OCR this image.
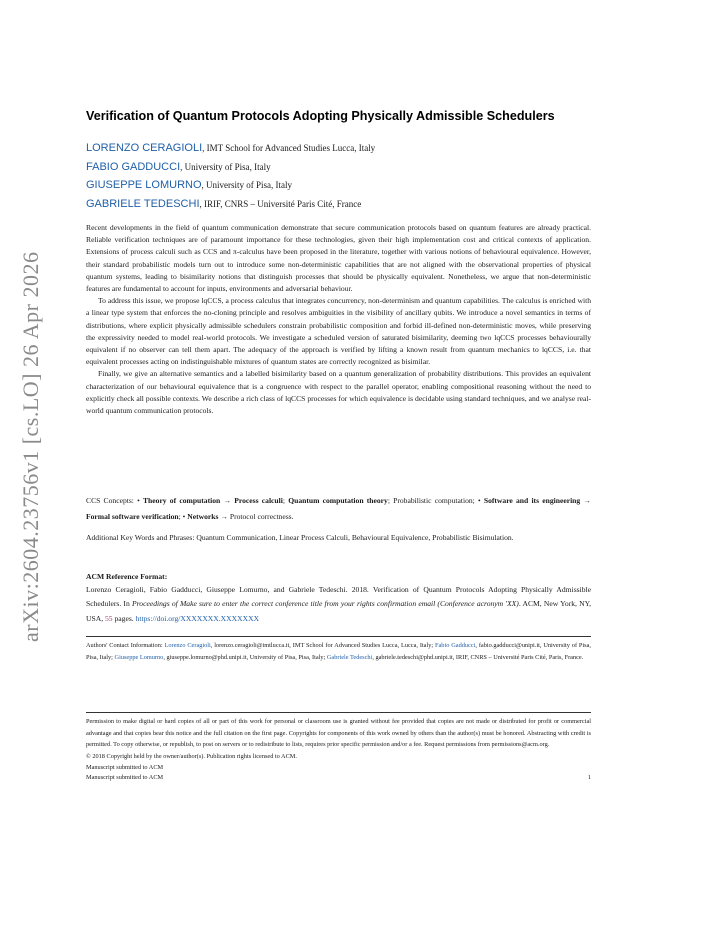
arXiv:2604.23756v1 [cs.LO] 26 Apr 2026
Verification of Quantum Protocols Adopting Physically Admissible Schedulers
LORENZO CERAGIOLI, IMT School for Advanced Studies Lucca, Italy
FABIO GADDUCCI, University of Pisa, Italy
GIUSEPPE LOMURNO, University of Pisa, Italy
GABRIELE TEDESCHI, IRIF, CNRS – Université Paris Cité, France

Recent developments in the field of quantum communication demonstrate that secure communication protocols based on quantum features are already practical. Reliable verification techniques are of paramount importance for these technologies, given their high implementation cost and critical contexts of application. Extensions of process calculi such as CCS and π-calculus have been proposed in the literature, together with various notions of behavioural equivalence. However, their standard probabilistic models turn out to introduce some non-deterministic capabilities that are not aligned with the observational properties of physical quantum systems, leading to bisimilarity notions that distinguish processes that should be physically equivalent. Nonetheless, we argue that non-deterministic features are fundamental to account for inputs, environments and adversarial behaviour.

To address this issue, we propose lqCCS, a process calculus that integrates concurrency, non-determinism and quantum capabilities. The calculus is enriched with a linear type system that enforces the no-cloning principle and resolves ambiguities in the visibility of ancillary qubits. We introduce a novel semantics in terms of distributions, where explicit physically admissible schedulers constrain probabilistic composition and forbid ill-defined non-deterministic moves, while preserving the expressivity needed to model real-world protocols. We investigate a scheduled version of saturated bisimilarity, deeming two lqCCS processes behaviourally equivalent if no observer can tell them apart. The adequacy of the approach is verified by lifting a known result from quantum mechanics to lqCCS, i.e. that equivalent processes acting on indistinguishable mixtures of quantum states are correctly recognized as bisimilar.

Finally, we give an alternative semantics and a labelled bisimilarity based on a quantum generalization of probability distributions. This provides an equivalent characterization of our behavioural equivalence that is a congruence with respect to the parallel operator, enabling compositional reasoning without the need to explicitly check all possible contexts. We describe a rich class of lqCCS processes for which equivalence is decidable using standard techniques, and we analyse real-world quantum communication protocols.

CCS Concepts: • Theory of computation → Process calculi; Quantum computation theory; Probabilistic computation; • Software and its engineering → Formal software verification; • Networks → Protocol correctness.
Additional Key Words and Phrases: Quantum Communication, Linear Process Calculi, Behavioural Equivalence, Probabilistic Bisimulation.
ACM Reference Format:
Lorenzo Ceragioli, Fabio Gadducci, Giuseppe Lomurno, and Gabriele Tedeschi. 2018. Verification of Quantum Protocols Adopting Physically Admissible Schedulers. In Proceedings of Make sure to enter the correct conference title from your rights confirmation email (Conference acronym 'XX). ACM, New York, NY, USA, 55 pages. https://doi.org/XXXXXXX.XXXXXXX
Authors' Contact Information: Lorenzo Ceragioli, lorenzo.ceragioli@imtlucca.it, IMT School for Advanced Studies Lucca, Lucca, Italy; Fabio Gadducci, fabio.gadducci@unipi.it, University of Pisa, Pisa, Italy; Giuseppe Lomurno, giuseppe.lomurno@phd.unipi.it, University of Pisa, Pisa, Italy; Gabriele Tedeschi, gabriele.tedeschi@phd.unipi.it, IRIF, CNRS – Université Paris Cité, Paris, France.
Permission to make digital or hard copies of all or part of this work for personal or classroom use is granted without fee provided that copies are not made or distributed for profit or commercial advantage and that copies bear this notice and the full citation on the first page. Copyrights for components of this work owned by others than the author(s) must be honored. Abstracting with credit is permitted. To copy otherwise, or republish, to post on servers or to redistribute to lists, requires prior specific permission and/or a fee. Request permissions from permissions@acm.org.
© 2018 Copyright held by the owner/author(s). Publication rights licensed to ACM.
Manuscript submitted to ACM
Manuscript submitted to ACM	1
